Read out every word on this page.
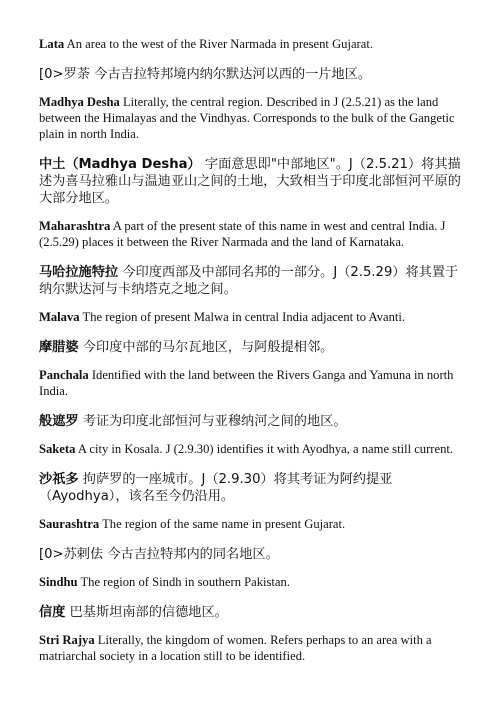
Lata An area to the west of the River Narmada in present Gujarat.

[0>罗荼 今古吉拉特邦境内纳尔默达河以西的一片地区。

Madhya Desha Literally, the central region. Described in J (2.5.21) as the land between the Himalayas and the Vindhyas. Corresponds to the bulk of the Gangetic plain in north India.

中土（Madhya Desha） 字面意思即"中部地区"。J（2.5.21）将其描述为喜马拉雅山与温迪亚山之间的土地，大致相当于印度北部恒河平原的大部分地区。

Maharashtra A part of the present state of this name in west and central India. J (2.5.29) places it between the River Narmada and the land of Karnataka.

马哈拉施特拉 今印度西部及中部同名邦的一部分。J（2.5.29）将其置于纳尔默达河与卡纳塔克之地之间。

Malava The region of present Malwa in central India adjacent to Avanti.

摩腊婆 今印度中部的马尔瓦地区，与阿般提相邻。

Panchala Identified with the land between the Rivers Ganga and Yamuna in north India.

般遮罗 考证为印度北部恒河与亚穆纳河之间的地区。

Saketa A city in Kosala. J (2.9.30) identifies it with Ayodhya, a name still current.

沙祇多 拘萨罗的一座城市。J（2.9.30）将其考证为阿约提亚（Ayodhya），该名至今仍沿用。

Saurashtra The region of the same name in present Gujarat.

[0>苏剌佉 今古吉拉特邦内的同名地区。

Sindhu The region of Sindh in southern Pakistan.

信度 巴基斯坦南部的信德地区。

Stri Rajya Literally, the kingdom of women. Refers perhaps to an area with a matriarchal society in a location still to be identified.
